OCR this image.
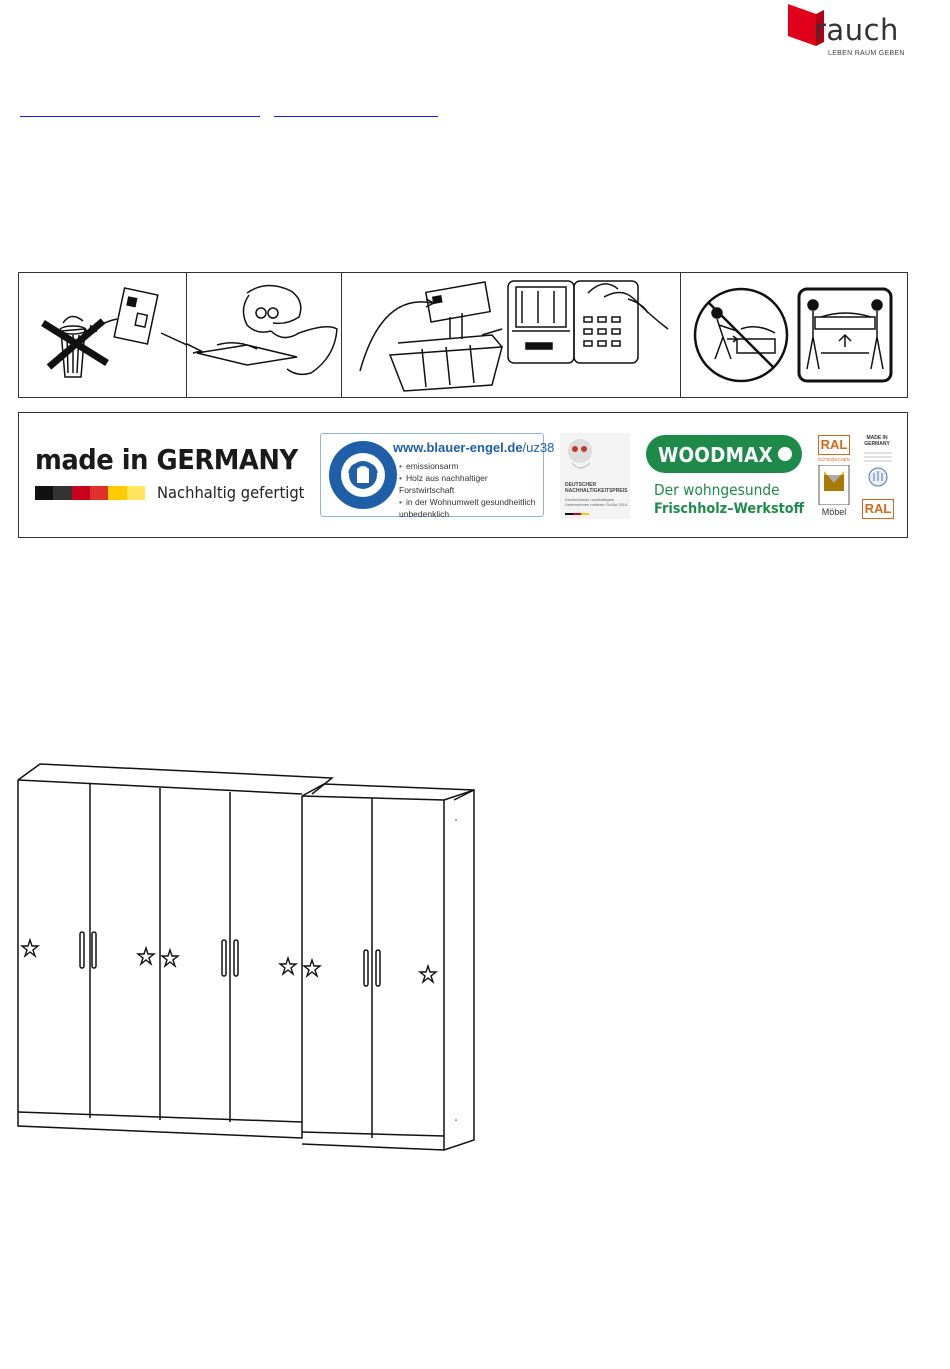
rauch
LEBEN RAUM GEBEN
made in GERMANY
Nachhaltig gefertigt
www.blauer-engel.de/uz38
• emissionsarm
• Holz aus nachhaltiger Forstwirtschaft
• in der Wohnumwelt gesundheitlich unbedenklich
DEUTSCHER NACHHALTIGKEITSPREIS
Deutschlands nachhaltigste Unternehmen mittlerer Größe 2014
WOODMAX
Der wohngesunde
Frischholz–Werkstoff
RAL
GÜTEZEICHEN
Möbel
MADE IN GERMANY
RAL
